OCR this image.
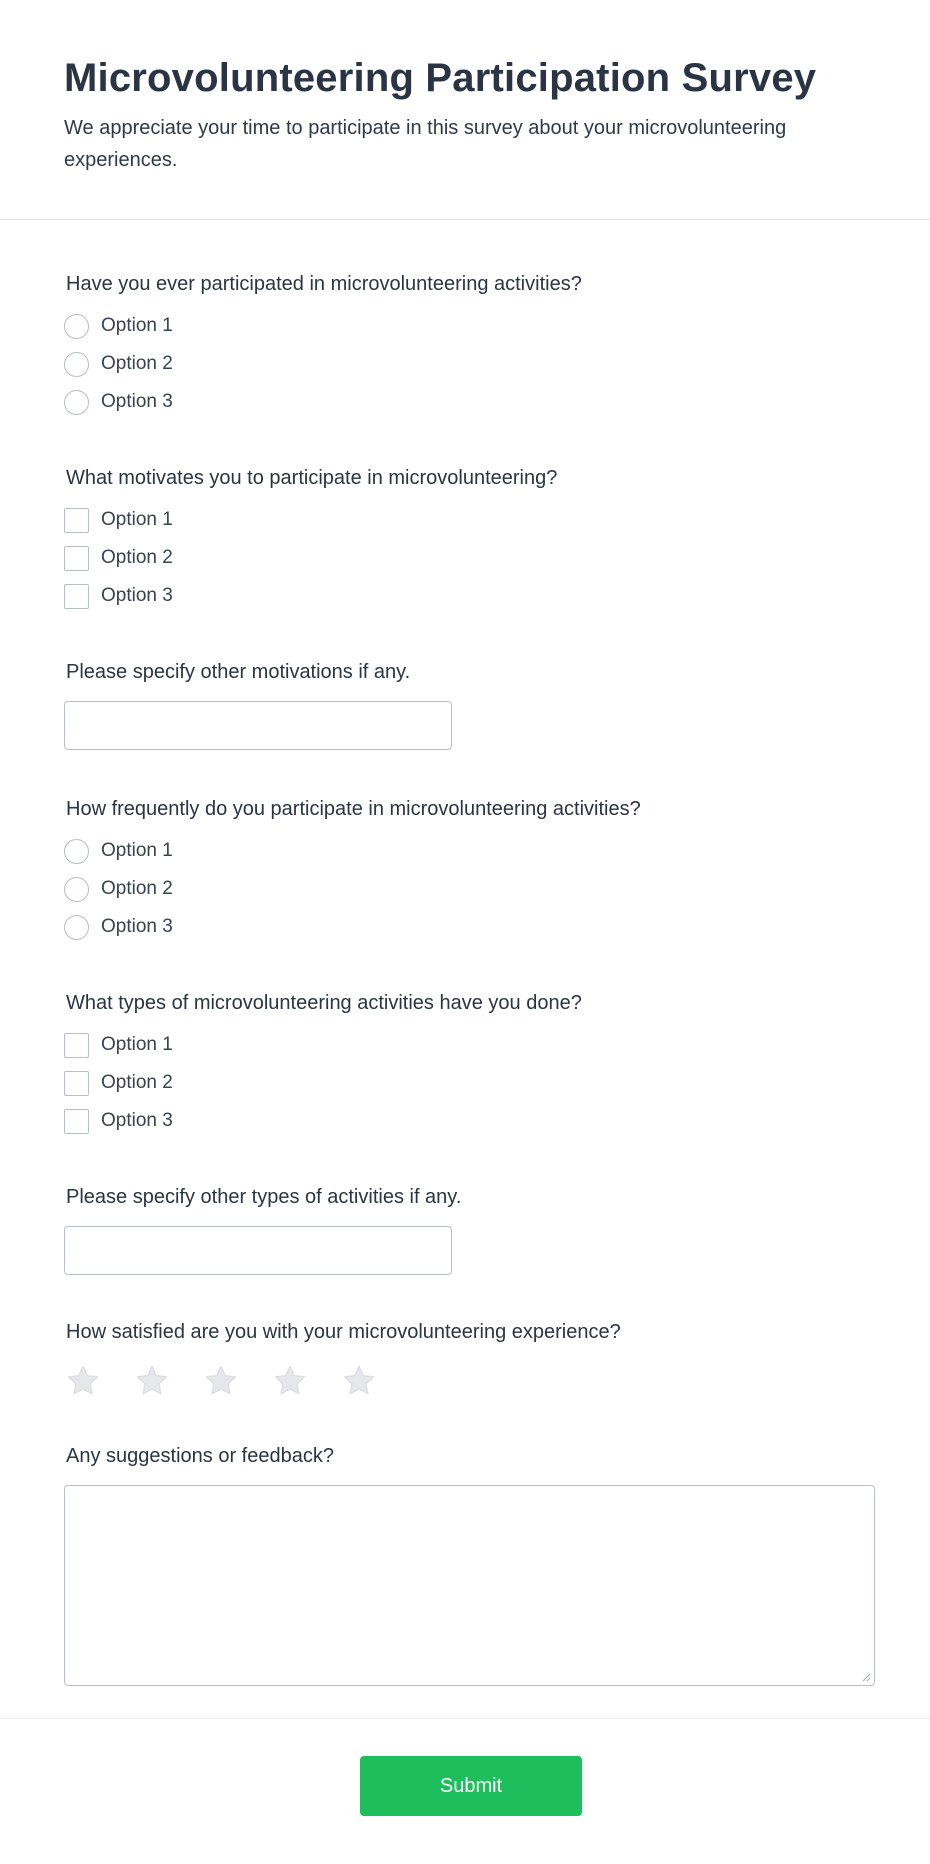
Microvolunteering Participation Survey

We appreciate your time to participate in this survey about your microvolunteering experiences.

Have you ever participated in microvolunteering activities?
Option 1
Option 2
Option 3
What motivates you to participate in microvolunteering?
Option 1
Option 2
Option 3
Please specify other motivations if any.
How frequently do you participate in microvolunteering activities?
Option 1
Option 2
Option 3
What types of microvolunteering activities have you done?
Option 1
Option 2
Option 3
Please specify other types of activities if any.
How satisfied are you with your microvolunteering experience?
Any suggestions or feedback?
Submit
